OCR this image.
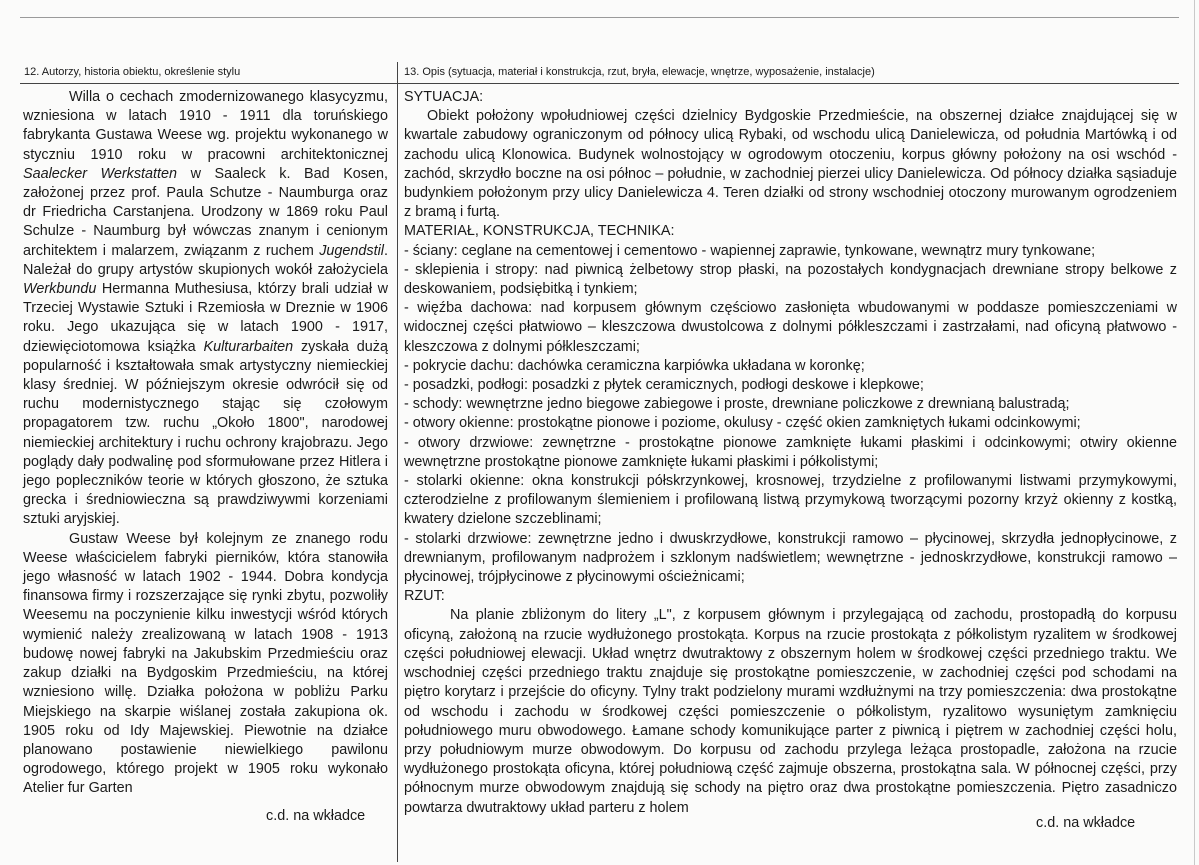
12. Autorzy, historia obiektu, określenie stylu	13. Opis (sytuacja, materiał i konstrukcja, rzut, bryła, elewacje, wnętrze, wyposażenie, instalacje)

Willa o cechach zmodernizowanego klasycyzmu, wzniesiona w latach 1910 - 1911 dla toruńskiego fabrykanta Gustawa Weese wg. projektu wykonanego w styczniu 1910 roku w pracowni architektonicznej Saalecker Werkstatten w Saaleck k. Bad Kosen, założonej przez prof. Paula Schutze - Naumburga oraz dr Friedricha Carstanjena. Urodzony w 1869 roku Paul Schulze - Naumburg był wówczas znanym i cenionym architektem i malarzem, związanm z ruchem Jugendstil. Należał do grupy artystów skupionych wokół założyciela Werkbundu Hermanna Muthesiusa, którzy brali udział w Trzeciej Wystawie Sztuki i Rzemiosła w Dreznie w 1906 roku. Jego ukazująca się w latach 1900 - 1917, dziewięciotomowa książka Kulturarbaiten zyskała dużą popularność i kształtowała smak artystyczny niemieckiej klasy średniej. W późniejszym okresie odwrócił się od ruchu modernistycznego stając się czołowym propagatorem tzw. ruchu „Około 1800", narodowej niemieckiej architektury i ruchu ochrony krajobrazu. Jego poglądy dały podwalinę pod sformułowane przez Hitlera i jego popleczników teorie w których głoszono, że sztuka grecka i średniowieczna są prawdziwywmi korzeniami sztuki aryjskiej.

Gustaw Weese był kolejnym ze znanego rodu Weese właścicielem fabryki pierników, która stanowiła jego własność w latach 1902 - 1944. Dobra kondycja finansowa firmy i rozszerzające się rynki zbytu, pozwoliły Weesemu na poczynienie kilku inwestycji wśród których wymienić należy zrealizowaną w latach 1908 - 1913 budowę nowej fabryki na Jakubskim Przedmieściu oraz zakup działki na Bydgoskim Przedmieściu, na której wzniesiono willę. Działka położona w pobliżu Parku Miejskiego na skarpie wiślanej została zakupiona ok. 1905 roku od Idy Majewskiej. Piewotnie na działce planowano postawienie niewielkiego pawilonu ogrodowego, którego projekt w 1905 roku wykonało Atelier fur Garten

c.d. na wkładce

SYTUACJA:

Obiekt położony wpołudniowej części dzielnicy Bydgoskie Przedmieście, na obszernej działce znajdującej się w kwartale zabudowy ograniczonym od północy ulicą Rybaki, od wschodu ulicą Danielewicza, od południa Martówką i od zachodu ulicą Klonowica. Budynek wolnostojący w ogrodowym otoczeniu, korpus główny położony na osi wschód - zachód, skrzydło boczne na osi północ – południe, w zachodniej pierzei ulicy Danielewicza. Od północy działka sąsiaduje budynkiem położonym przy ulicy Danielewicza 4. Teren działki od strony wschodniej otoczony murowanym ogrodzeniem z bramą i furtą.

MATERIAŁ, KONSTRUKCJA, TECHNIKA:

- ściany: ceglane na cementowej i cementowo - wapiennej zaprawie, tynkowane, wewnątrz mury tynkowane;

- sklepienia i stropy: nad piwnicą żelbetowy strop płaski, na pozostałych kondygnacjach drewniane stropy belkowe z deskowaniem, podsiębitką i tynkiem;

- więźba dachowa: nad korpusem głównym częściowo zasłonięta wbudowanymi w poddasze pomieszczeniami w widocznej części płatwiowo – kleszczowa dwustolcowa z dolnymi półkleszczami i zastrzałami, nad oficyną płatwowo - kleszczowa z dolnymi półkleszczami;

- pokrycie dachu: dachówka ceramiczna karpiówka układana w koronkę;

- posadzki, podłogi: posadzki z płytek ceramicznych, podłogi deskowe i klepkowe;

- schody: wewnętrzne jedno biegowe zabiegowe i proste, drewniane policzkowe z drewnianą balustradą;

- otwory okienne: prostokątne pionowe i poziome, okulusy - część okien zamkniętych łukami odcinkowymi;

- otwory drzwiowe: zewnętrzne - prostokątne pionowe zamknięte łukami płaskimi i odcinkowymi; otwiry okienne wewnętrzne prostokątne pionowe zamknięte łukami płaskimi i półkolistymi;

- stolarki okienne: okna konstrukcji półskrzynkowej, krosnowej, trzydzielne z profilowanymi listwami przymykowymi, czterodzielne z profilowanym ślemieniem i profilowaną listwą przymykową tworzącymi pozorny krzyż okienny z kostką, kwatery dzielone szczeblinami;

- stolarki drzwiowe: zewnętrzne jedno i dwuskrzydłowe, konstrukcji ramowo – płycinowej, skrzydła jednopłycinowe, z drewnianym, profilowanym nadprożem i szklonym nadświetlem; wewnętrzne - jednoskrzydłowe, konstrukcji ramowo – płycinowej, trójpłycinowe z płycinowymi ościeżnicami;

RZUT:

Na planie zbliżonym do litery „L", z korpusem głównym i przylegającą od zachodu, prostopadłą do korpusu oficyną, założoną na rzucie wydłużonego prostokąta. Korpus na rzucie prostokąta z półkolistym ryzalitem w środkowej części południowej elewacji. Układ wnętrz dwutraktowy z obszernym holem w środkowej części przedniego traktu. We wschodniej części przedniego traktu znajduje się prostokątne pomieszczenie, w zachodniej części pod schodami na piętro korytarz i przejście do oficyny. Tylny trakt podzielony murami wzdłużnymi na trzy pomieszczenia: dwa prostokątne od wschodu i zachodu w środkowej części pomieszczenie o półkolistym, ryzalitowo wysuniętym zamknięciu południowego muru obwodowego. Łamane schody komunikujące parter z piwnicą i piętrem w zachodniej części holu, przy południowym murze obwodowym. Do korpusu od zachodu przylega leżąca prostopadle, założona na rzucie wydłużonego prostokąta oficyna, której południową część zajmuje obszerna, prostokątna sala. W północnej części, przy północnym murze obwodowym znajdują się schody na piętro oraz dwa prostokątne pomieszczenia. Piętro zasadniczo powtarza dwutraktowy układ parteru z holem

c.d. na wkładce
